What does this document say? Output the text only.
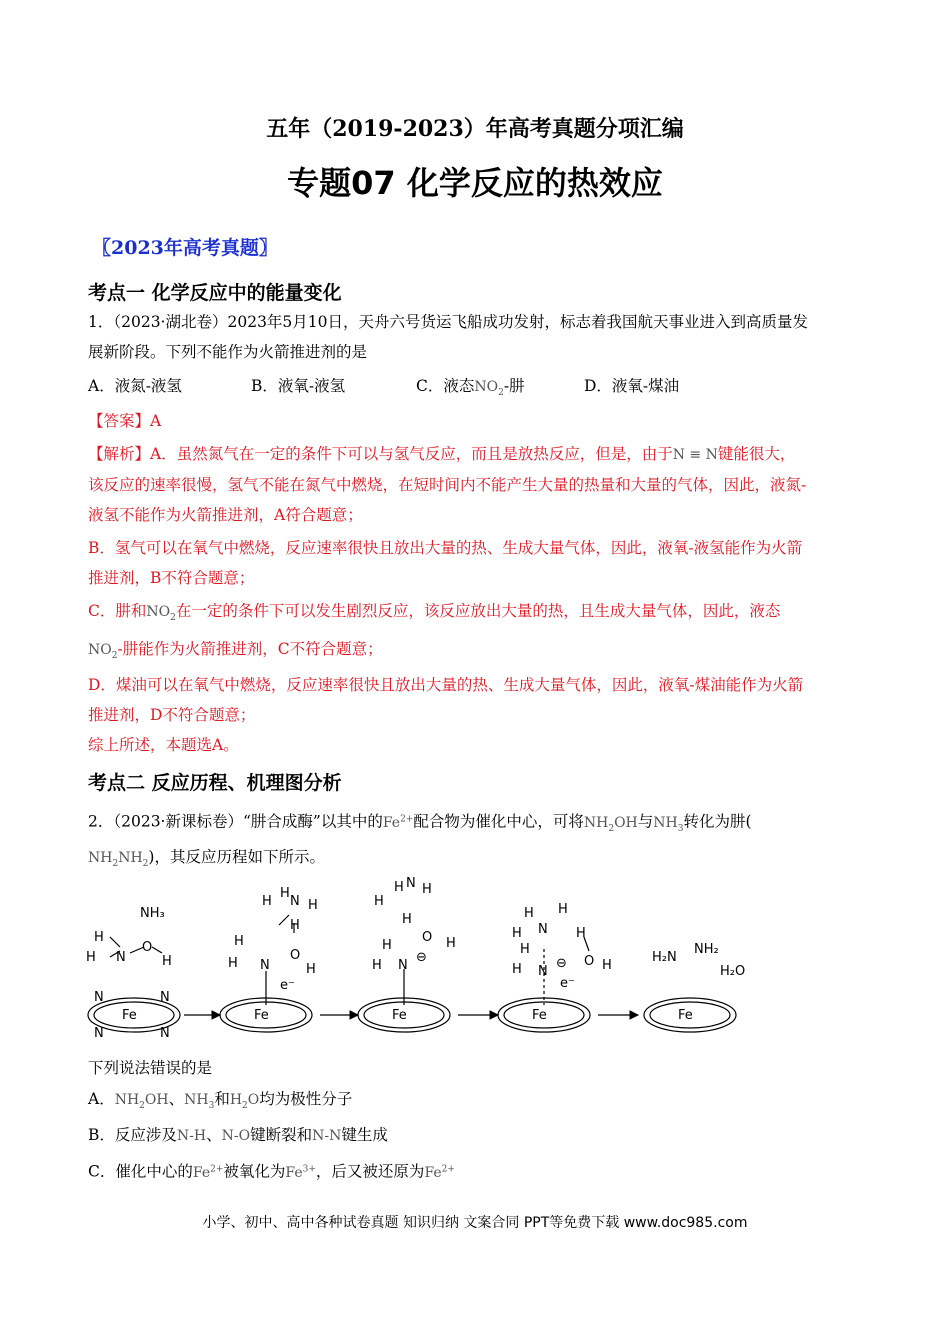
五年（2019-2023）年高考真题分项汇编
专题07 化学反应的热效应
〖2023年高考真题〗
考点一 化学反应中的能量变化
1．（2023·湖北卷）2023年5月10日，天舟六号货运飞船成功发射，标志着我国航天事业进入到高质量发
展新阶段。下列不能作为火箭推进剂的是
A．液氮-液氢	B．液氧-液氢	C．液态$NO_2-$肼	D．液氧-煤油
【答案】A
【解析】A．虽然氮气在一定的条件下可以与氢气反应，而且是放热反应，但是，由于N ≡ N键能很大，
该反应的速率很慢，氢气不能在氮气中燃烧，在短时间内不能产生大量的热量和大量的气体，因此，液氮-
液氢不能作为火箭推进剂，A符合题意；
B．氢气可以在氧气中燃烧，反应速率很快且放出大量的热、生成大量气体，因此，液氧-液氢能作为火箭
推进剂，B不符合题意；
C．肼和$NO_2$在一定的条件下可以发生剧烈反应，该反应放出大量的热，且生成大量气体，因此，液态
$NO_2-$肼能作为火箭推进剂，C不符合题意；
D．煤油可以在氧气中燃烧，反应速率很快且放出大量的热、生成大量气体，因此，液氧-煤油能作为火箭
推进剂，D不符合题意；
综上所述，本题选A。
考点二 反应历程、机理图分析
2．（2023·新课标卷）“肼合成酶”以其中的$Fe^{2+}$配合物为催化中心，可将$NH_2OH$与$NH_3$转化为肼(
$NH_2NH_2$)，其反应历程如下所示。
NH₃
H
H N
O
H
Fe
N	N
N	N
H
H
N H
H
H
H N
O
H
e⁻
Fe
H N H
H
H
O H
H
H N
⊖
Fe
H H
N
H	H
O H
H
H N
⊖
e⁻
Fe
H₂N
NH₂
H₂O
Fe
下列说法错误的是
A．$NH_2OH$、$NH_3$和$H_2O$均为极性分子
B．反应涉及N-H、N-O键断裂和N-N键生成
C．催化中心的$Fe^{2+}$被氧化为$Fe^{3+}$，后又被还原为$Fe^{2+}$
小学、初中、高中各种试卷真题 知识归纳 文案合同 PPT等免费下载 www.doc985.com
